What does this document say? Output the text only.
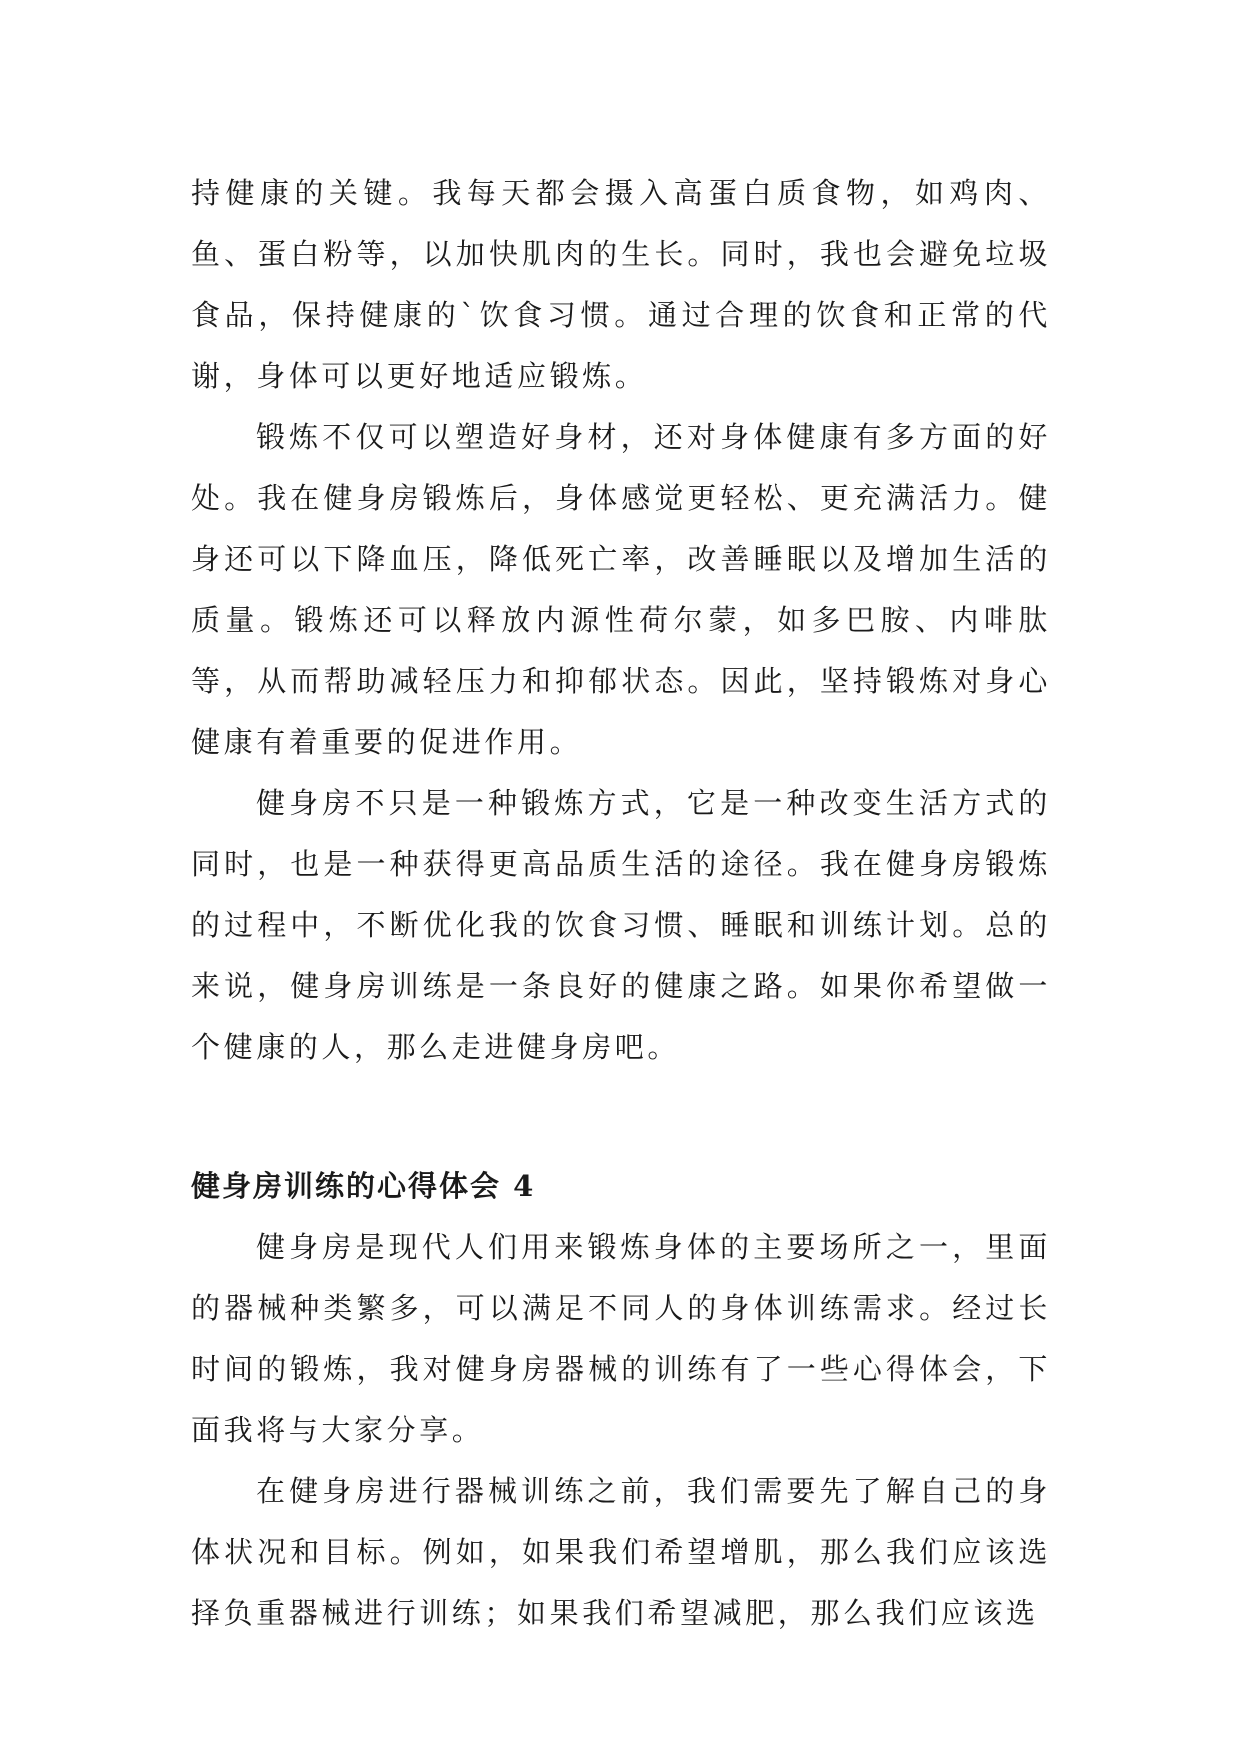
持健康的关键。我每天都会摄入高蛋白质食物，如鸡肉、鱼、蛋白粉等，以加快肌肉的生长。同时，我也会避免垃圾食品，保持健康的`饮食习惯。通过合理的饮食和正常的代谢，身体可以更好地适应锻炼。

锻炼不仅可以塑造好身材，还对身体健康有多方面的好处。我在健身房锻炼后，身体感觉更轻松、更充满活力。健身还可以下降血压，降低死亡率，改善睡眠以及增加生活的质量。锻炼还可以释放内源性荷尔蒙，如多巴胺、内啡肽等，从而帮助减轻压力和抑郁状态。因此，坚持锻炼对身心健康有着重要的促进作用。

健身房不只是一种锻炼方式，它是一种改变生活方式的同时，也是一种获得更高品质生活的途径。我在健身房锻炼的过程中，不断优化我的饮食习惯、睡眠和训练计划。总的来说，健身房训练是一条良好的健康之路。如果你希望做一个健康的人，那么走进健身房吧。

健身房训练的心得体会 4

健身房是现代人们用来锻炼身体的主要场所之一，里面的器械种类繁多，可以满足不同人的身体训练需求。经过长时间的锻炼，我对健身房器械的训练有了一些心得体会，下面我将与大家分享。

在健身房进行器械训练之前，我们需要先了解自己的身体状况和目标。例如，如果我们希望增肌，那么我们应该选择负重器械进行训练；如果我们希望减肥，那么我们应该选
